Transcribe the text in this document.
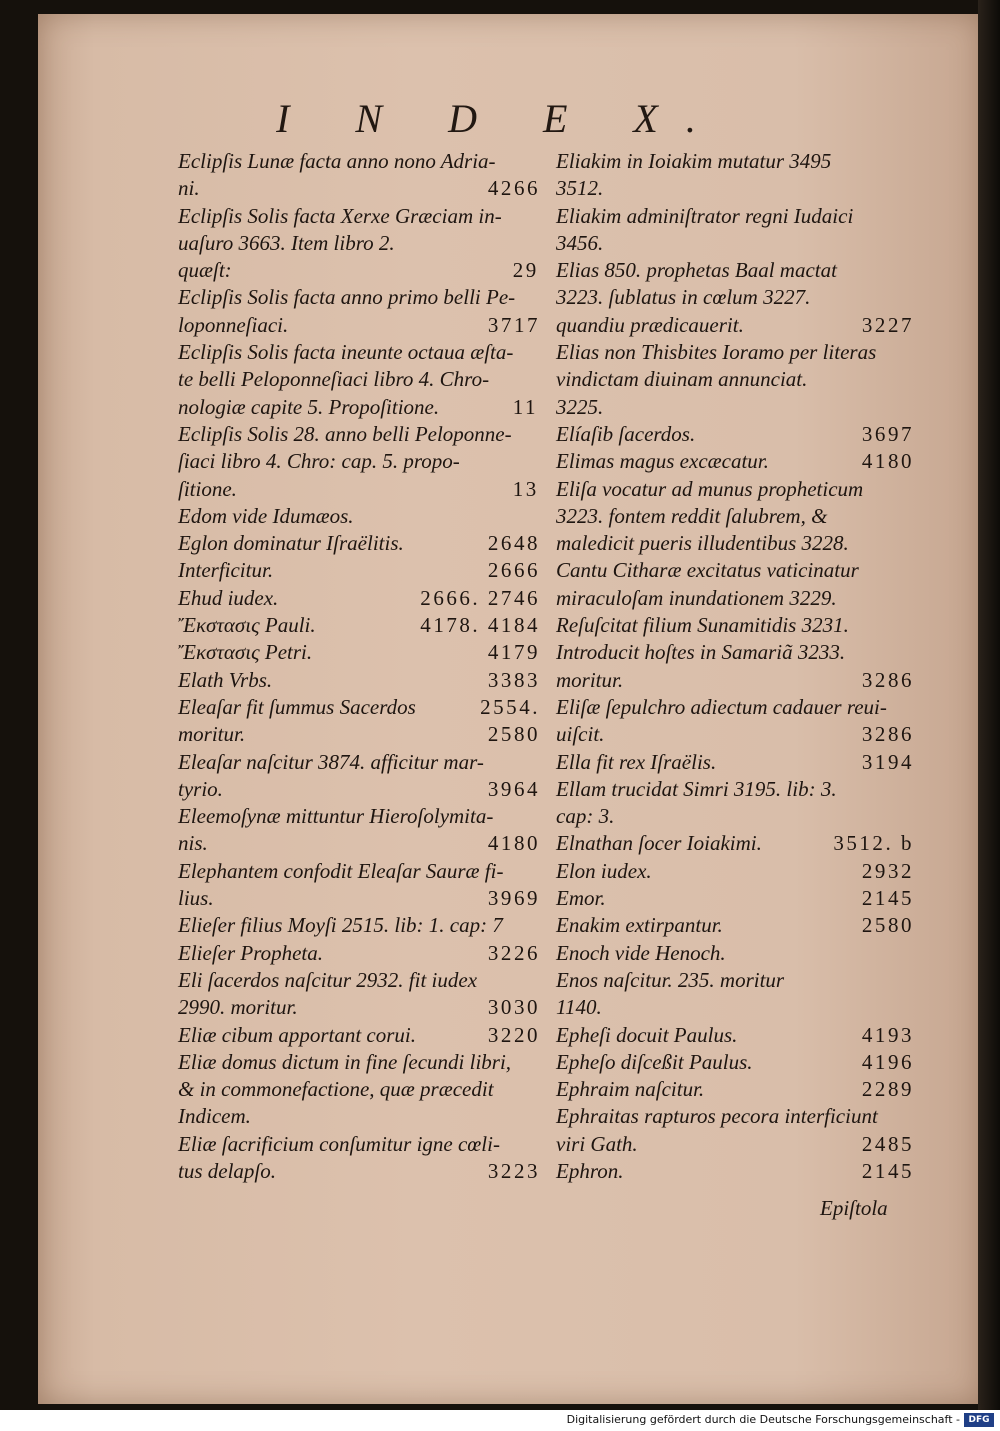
I N D E X.
Eclipſis Lunæ facta anno nono Adria-
ni.	4266
Eclipſis Solis facta Xerxe Græciam in-
uaſuro 3663. Item libro 2.
quæſt:	29
Eclipſis Solis facta anno primo belli Pe-
loponneſiaci.	3717
Eclipſis Solis facta ineunte octaua æſta-
te belli Peloponneſiaci libro 4. Chro-
nologiæ capite 5. Propoſitione.	11
Eclipſis Solis 28. anno belli Peloponne-
ſiaci libro 4. Chro: cap. 5. propo-
ſitione.	13
Edom vide Idumæos.
Eglon dominatur Iſraëlitis.	2648
Interficitur.	2666
Ehud iudex.	2666. 2746
Ἔκστασις Pauli.	4178. 4184
Ἔκστασις Petri.	4179
Elath Vrbs.	3383
Eleaſar fit ſummus Sacerdos	2554.
moritur.	2580
Eleaſar naſcitur 3874. afficitur mar-
tyrio.	3964
Eleemoſynæ mittuntur Hieroſolymita-
nis.	4180
Elephantem confodit Eleaſar Sauræ fi-
lius.	3969
Elieſer filius Moyſi 2515. lib: 1. cap: 7
Elieſer Propheta.	3226
Eli ſacerdos naſcitur 2932. fit iudex
2990. moritur.	3030
Eliæ cibum apportant corui.	3220
Eliæ domus dictum in fine ſecundi libri,
& in commonefactione, quæ præcedit
Indicem.
Eliæ ſacrificium conſumitur igne cœli-
tus delapſo.	3223
Eliakim in Ioiakim mutatur 3495
3512.
Eliakim adminiſtrator regni Iudaici
3456.
Elias 850. prophetas Baal mactat
3223. ſublatus in cœlum 3227.
quandiu prædicauerit.	3227
Elias non Thisbites Ioramo per literas
vindictam diuinam annunciat.
3225.
Elíaſib ſacerdos.	3697
Elimas magus excæcatur.	4180
Eliſa vocatur ad munus propheticum
3223. fontem reddit ſalubrem, &
maledicit pueris illudentibus 3228.
Cantu Citharæ excitatus vaticinatur
miraculoſam inundationem 3229.
Reſuſcitat filium Sunamitidis 3231.
Introducit hoſtes in Samariã 3233.
moritur.	3286
Eliſæ ſepulchro adiectum cadauer reui-
uiſcit.	3286
Ella fit rex Iſraëlis.	3194
Ellam trucidat Simri 3195. lib: 3.
cap: 3.
Elnathan ſocer Ioiakimi.	3512. b
Elon iudex.	2932
Emor.	2145
Enakim extirpantur.	2580
Enoch vide Henoch.
Enos naſcitur. 235. moritur
1140.
Epheſi docuit Paulus.	4193
Epheſo diſceßit Paulus.	4196
Ephraim naſcitur.	2289
Ephraitas rapturos pecora interficiunt
viri Gath.	2485
Ephron.	2145
Epiſtola
Digitalisierung gefördert durch die Deutsche Forschungsgemeinschaft - DFG
